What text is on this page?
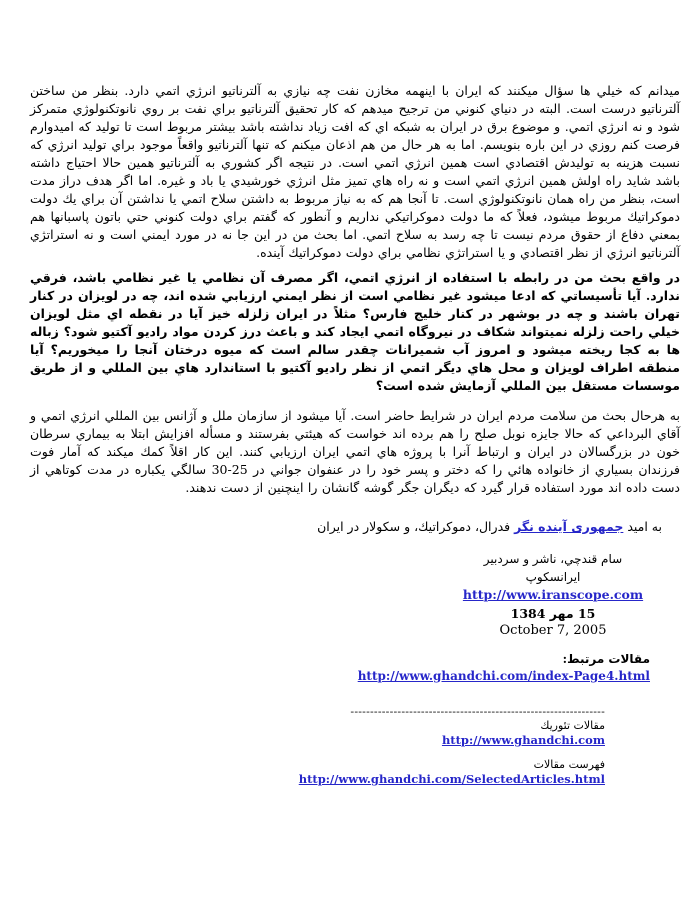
ميدانم كه خيلي ها سؤال ميكنند كه ايران با اينهمه مخازن نفت چه نيازي به آلترناتيو انرژي اتمي دارد. بنظر من ساختن آلترناتيو درست است. البته در دنياي كنوني من ترجيح ميدهم كه كار تحقيق آلترناتيو براي نفت بر روي نانوتكنولوژي متمركز شود و نه انرژي اتمي. و موضوع برق در ايران به شبكه اي كه افت زياد نداشته باشد بيشتر مربوط است تا توليد كه اميدوارم فرصت كنم روزي در اين باره بنويسم. اما به هر حال من هم اذعان ميكنم كه تنها آلترناتيو واقعاً موجود براي توليد انرژي كه نسبت هزينه به توليدش اقتصادي است همين انرژي اتمي است. در نتيجه اگر كشوري به آلترناتيو همين حالا احتياج داشته باشد شايد راه اولش همين انرژي اتمي است و نه راه هاي تميز مثل انرژي خورشيدي يا باد و غيره. اما اگر هدف دراز مدت است، بنظر من راه همان نانوتكنولوژي است. تا آنجا هم كه به نياز مربوط به داشتن سلاح اتمي يا نداشتن آن براي يك دولت دموكراتيك مربوط ميشود، فعلاً كه ما دولت دموكراتيكي نداريم و آنطور كه گفتم براي دولت كنوني حتي باتون پاسبانها هم بمعني دفاع از حقوق مردم نيست تا چه رسد به سلاح اتمي. اما بحث من در اين جا نه در مورد ايمني است و نه استراتژي آلترناتيو انرژي از نظر اقتصادي و يا استراتژي نظامي براي دولت دموكراتيك آينده.

در واقع بحث من در رابطه با استفاده از انرژي اتمي، اگر مصرف آن نظامي يا غير نظامي باشد، فرقي ندارد. آيا تأسيساتي كه ادعا ميشود غير نظامي است از نظر ايمني ارزيابي شده اند، چه در لويزان در كنار تهران باشند و چه در بوشهر در كنار خليج فارس؟ مثلاً در ايران زلزله خيز آيا در نقطه اي مثل لويزان خيلي راحت زلزله نميتواند شكاف در نيروگاه اتمي ايجاد كند و باعث درز كردن مواد راديو آكتيو شود؟ زباله ها به كجا ريخته ميشود و امروز آب شميرانات چقدر سالم است كه ميوه درختان آنجا را ميخوريم؟ آيا منطقه اطراف لويزان و محل هاي ديگر اتمي از نظر راديو آكتيو با استاندارد هاي بين المللي و از طريق موسسات مستقل بين المللي آزمايش شده است؟

به هرحال بحث من سلامت مردم ايران در شرايط حاضر است. آيا ميشود از سازمان ملل و آژانس بين المللي انرژي اتمي و آقاي البرداعي كه حالا جايزه نوبل صلح را هم برده اند خواست كه هيئتي بفرستند و مسأله افزايش ابتلا به بيماري سرطان خون در بزرگسالان در ايران و ارتباط آنرا با پروژه هاي اتمي ايران ارزيابي كنند. اين كار اقلاً كمك ميكند كه آمار فوت فرزندان بسياري از خانواده هائي را كه دختر و پسر خود را در عنفوان جواني در 25-30 سالگي يكباره در مدت كوتاهي از دست داده اند مورد استفاده قرار گيرد كه ديگران جگر گوشه گانشان را اينچنين از دست ندهند.

به اميد جمهوری آينده نگر فدرال، دموكراتيك، و سكولار در ايران

سام قندچي، ناشر و سردبير
ايرانسكوپ
http://www.iranscope.com
15 مهر 1384
October 7, 2005
مقالات مرتبط:
http://www.ghandchi.com/index-Page4.html
-----------------------------------------------------------------
مقالات تئوريك
http://www.ghandchi.com
فهرست مقالات
http://www.ghandchi.com/SelectedArticles.html
